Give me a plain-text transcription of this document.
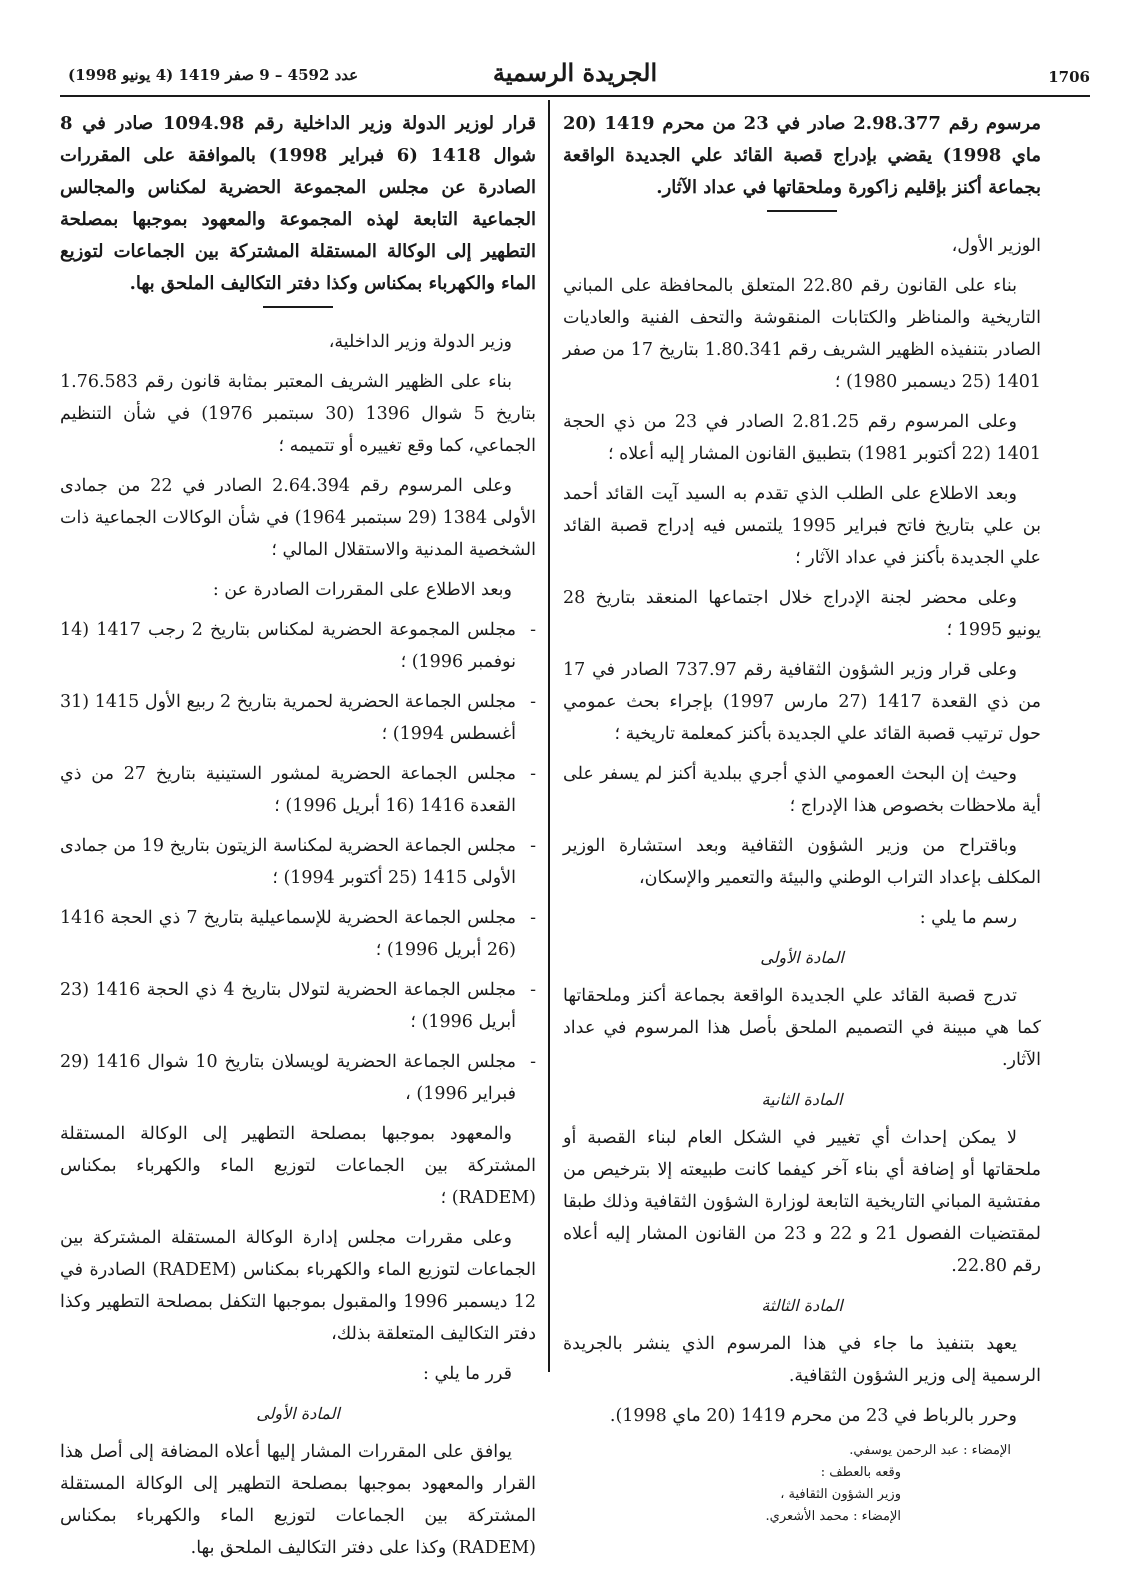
عدد 4592 – 9 صفر 1419 (4 يونيو 1998)	الجريدة الرسمية	1706

مرسوم رقم 2.98.377 صادر في 23 من محرم 1419 (20 ماي 1998) يقضي بإدراج قصبة القائد علي الجديدة الواقعة بجماعة أكنز بإقليم زاكورة وملحقاتها في عداد الآثار.

الوزير الأول،

بناء على القانون رقم 22.80 المتعلق بالمحافظة على المباني التاريخية والمناظر والكتابات المنقوشة والتحف الفنية والعاديات الصادر بتنفيذه الظهير الشريف رقم 1.80.341 بتاريخ 17 من صفر 1401 (25 ديسمبر 1980) ؛

وعلى المرسوم رقم 2.81.25 الصادر في 23 من ذي الحجة 1401 (22 أكتوبر 1981) بتطبيق القانون المشار إليه أعلاه ؛

وبعد الاطلاع على الطلب الذي تقدم به السيد آيت القائد أحمد بن علي بتاريخ فاتح فبراير 1995 يلتمس فيه إدراج قصبة القائد علي الجديدة بأكنز في عداد الآثار ؛

وعلى محضر لجنة الإدراج خلال اجتماعها المنعقد بتاريخ 28 يونيو 1995 ؛

وعلى قرار وزير الشؤون الثقافية رقم 737.97 الصادر في 17 من ذي القعدة 1417 (27 مارس 1997) بإجراء بحث عمومي حول ترتيب قصبة القائد علي الجديدة بأكنز كمعلمة تاريخية ؛

وحيث إن البحث العمومي الذي أجري ببلدية أكنز لم يسفر على أية ملاحظات بخصوص هذا الإدراج ؛

وباقتراح من وزير الشؤون الثقافية وبعد استشارة الوزير المكلف بإعداد التراب الوطني والبيئة والتعمير والإسكان،

رسم ما يلي :

المادة الأولى

تدرج قصبة القائد علي الجديدة الواقعة بجماعة أكنز وملحقاتها كما هي مبينة في التصميم الملحق بأصل هذا المرسوم في عداد الآثار.

المادة الثانية

لا يمكن إحداث أي تغيير في الشكل العام لبناء القصبة أو ملحقاتها أو إضافة أي بناء آخر كيفما كانت طبيعته إلا بترخيص من مفتشية المباني التاريخية التابعة لوزارة الشؤون الثقافية وذلك طبقا لمقتضيات الفصول 21 و 22 و 23 من القانون المشار إليه أعلاه رقم 22.80.

المادة الثالثة

يعهد بتنفيذ ما جاء في هذا المرسوم الذي ينشر بالجريدة الرسمية إلى وزير الشؤون الثقافية.

وحرر بالرباط في 23 من محرم 1419 (20 ماي 1998).

الإمضاء : عبد الرحمن يوسفي.

وقعه بالعطف :

وزير الشؤون الثقافية ،

الإمضاء : محمد الأشعري.

قرار لوزير الدولة وزير الداخلية رقم 1094.98 صادر في 8 شوال 1418 (6 فبراير 1998) بالموافقة على المقررات الصادرة عن مجلس المجموعة الحضرية لمكناس والمجالس الجماعية التابعة لهذه المجموعة والمعهود بموجبها بمصلحة التطهير إلى الوكالة المستقلة المشتركة بين الجماعات لتوزيع الماء والكهرباء بمكناس وكذا دفتر التكاليف الملحق بها.

وزير الدولة وزير الداخلية،

بناء على الظهير الشريف المعتبر بمثابة قانون رقم 1.76.583 بتاريخ 5 شوال 1396 (30 سبتمبر 1976) في شأن التنظيم الجماعي، كما وقع تغييره أو تتميمه ؛

وعلى المرسوم رقم 2.64.394 الصادر في 22 من جمادى الأولى 1384 (29 سبتمبر 1964) في شأن الوكالات الجماعية ذات الشخصية المدنية والاستقلال المالي ؛

وبعد الاطلاع على المقررات الصادرة عن :

-
مجلس المجموعة الحضرية لمكناس بتاريخ 2 رجب 1417 (14 نوفمبر 1996) ؛
-
مجلس الجماعة الحضرية لحمرية بتاريخ 2 ربيع الأول 1415 (31 أغسطس 1994) ؛
-
مجلس الجماعة الحضرية لمشور الستينية بتاريخ 27 من ذي القعدة 1416 (16 أبريل 1996) ؛
-
مجلس الجماعة الحضرية لمكناسة الزيتون بتاريخ 19 من جمادى الأولى 1415 (25 أكتوبر 1994) ؛
-
مجلس الجماعة الحضرية للإسماعيلية بتاريخ 7 ذي الحجة 1416 (26 أبريل 1996) ؛
-
مجلس الجماعة الحضرية لتولال بتاريخ 4 ذي الحجة 1416 (23 أبريل 1996) ؛
-
مجلس الجماعة الحضرية لويسلان بتاريخ 10 شوال 1416 (29 فبراير 1996) ،

والمعهود بموجبها بمصلحة التطهير إلى الوكالة المستقلة المشتركة بين الجماعات لتوزيع الماء والكهرباء بمكناس (RADEM) ؛

وعلى مقررات مجلس إدارة الوكالة المستقلة المشتركة بين الجماعات لتوزيع الماء والكهرباء بمكناس (RADEM) الصادرة في 12 ديسمبر 1996 والمقبول بموجبها التكفل بمصلحة التطهير وكذا دفتر التكاليف المتعلقة بذلك،

قرر ما يلي :

المادة الأولى

يوافق على المقررات المشار إليها أعلاه المضافة إلى أصل هذا القرار والمعهود بموجبها بمصلحة التطهير إلى الوكالة المستقلة المشتركة بين الجماعات لتوزيع الماء والكهرباء بمكناس (RADEM) وكذا على دفتر التكاليف الملحق بها.
